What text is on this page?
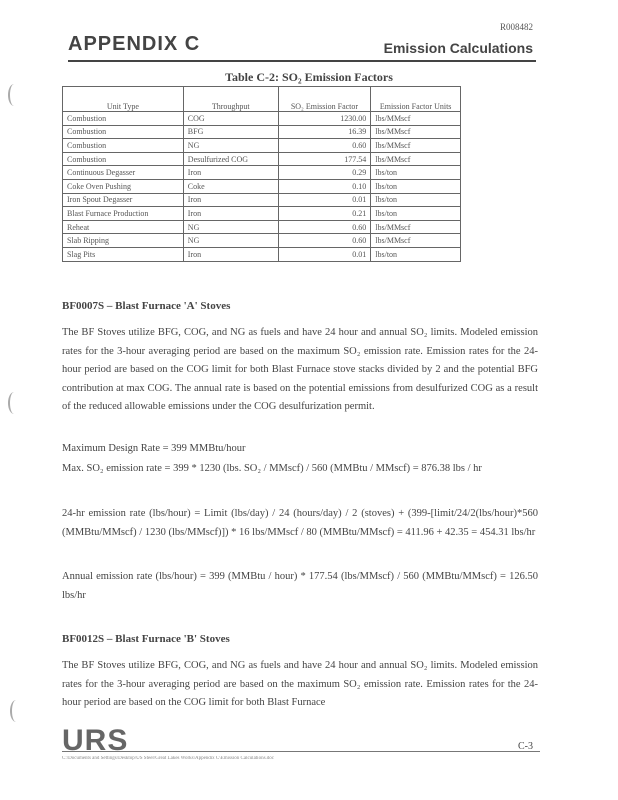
R008482
APPENDIX C	Emission Calculations
Table C-2: SO₂ Emission Factors
Unit Type	Throughput	SO₂ Emission Factor	Emission Factor Units
Combustion	COG	1230.00	lbs/MMscf
Combustion	BFG	16.39	lbs/MMscf
Combustion	NG	0.60	lbs/MMscf
Combustion	Desulfurized COG	177.54	lbs/MMscf
Continuous Degasser	Iron	0.29	lbs/ton
Coke Oven Pushing	Coke	0.10	lbs/ton
Iron Spout Degasser	Iron	0.01	lbs/ton
Blast Furnace Production	Iron	0.21	lbs/ton
Reheat	NG	0.60	lbs/MMscf
Slab Ripping	NG	0.60	lbs/MMscf
Slag Pits	Iron	0.01	lbs/ton
BF0007S – Blast Furnace 'A' Stoves
The BF Stoves utilize BFG, COG, and NG as fuels and have 24 hour and annual SO₂ limits. Modeled emission rates for the 3-hour averaging period are based on the maximum SO₂ emission rate. Emission rates for the 24-hour period are based on the COG limit for both Blast Furnace stove stacks divided by 2 and the potential BFG contribution at max COG. The annual rate is based on the potential emissions from desulfurized COG as a result of the reduced allowable emissions under the COG desulfurization permit.
Maximum Design Rate = 399 MMBtu/hour
Max. SO₂ emission rate = 399 * 1230 (lbs. SO₂ / MMscf) / 560 (MMBtu / MMscf) = 876.38 lbs / hr
24-hr emission rate (lbs/hour) = Limit (lbs/day) / 24 (hours/day) / 2 (stoves) + (399-[limit/24/2(lbs/hour)*560 (MMBtu/MMscf) / 1230 (lbs/MMscf)]) * 16 lbs/MMscf / 80 (MMBtu/MMscf) = 411.96 + 42.35 = 454.31 lbs/hr
Annual emission rate (lbs/hour) = 399 (MMBtu / hour) * 177.54 (lbs/MMscf) / 560 (MMBtu/MMscf) = 126.50 lbs/hr
BF0012S – Blast Furnace 'B' Stoves
The BF Stoves utilize BFG, COG, and NG as fuels and have 24 hour and annual SO₂ limits. Modeled emission rates for the 3-hour averaging period are based on the maximum SO₂ emission rate. Emission rates for the 24-hour period are based on the COG limit for both Blast Furnace
URS	C-3
C:\Documents and Settings\Desktop\US Steel\Great Lakes Works\Appendix C\Emission Calculations.doc
